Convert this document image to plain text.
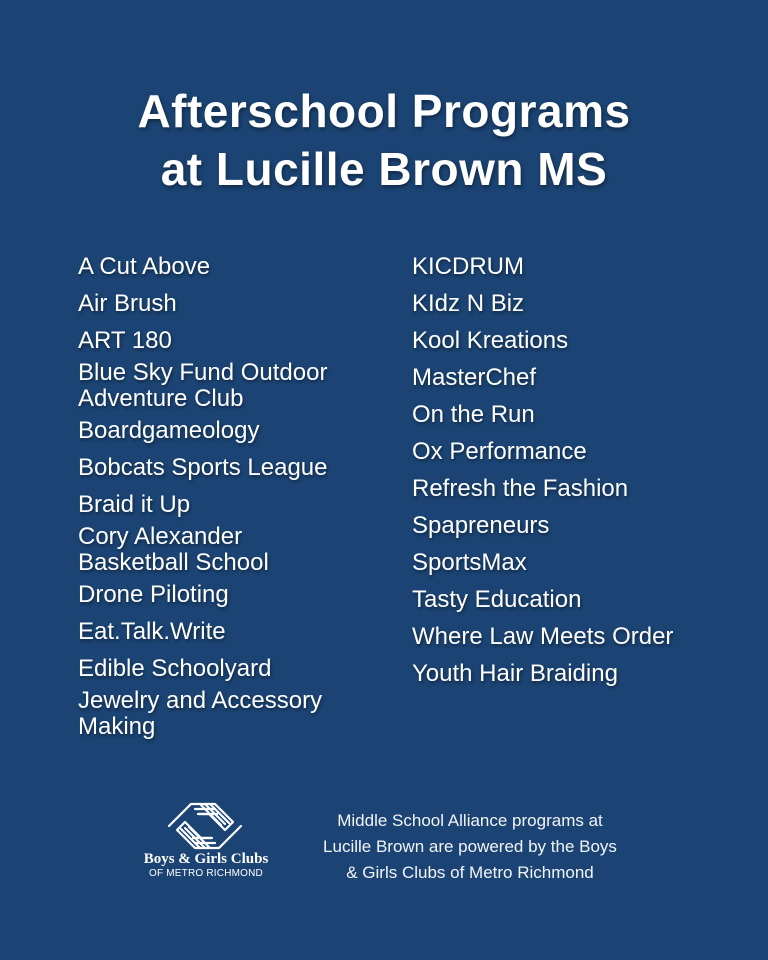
Afterschool Programs
at Lucille Brown MS
A Cut Above
Air Brush
ART 180
Blue Sky Fund Outdoor
Adventure Club
Boardgameology
Bobcats Sports League
Braid it Up
Cory Alexander
Basketball School
Drone Piloting
Eat.Talk.Write
Edible Schoolyard
Jewelry and Accessory
Making
KICDRUM
KIdz N Biz
Kool Kreations
MasterChef
On the Run
Ox Performance
Refresh the Fashion
Spapreneurs
SportsMax
Tasty Education
Where Law Meets Order
Youth Hair Braiding
Boys & Girls Clubs
OF METRO RICHMOND
Middle School Alliance programs at
Lucille Brown are powered by the Boys
& Girls Clubs of Metro Richmond
